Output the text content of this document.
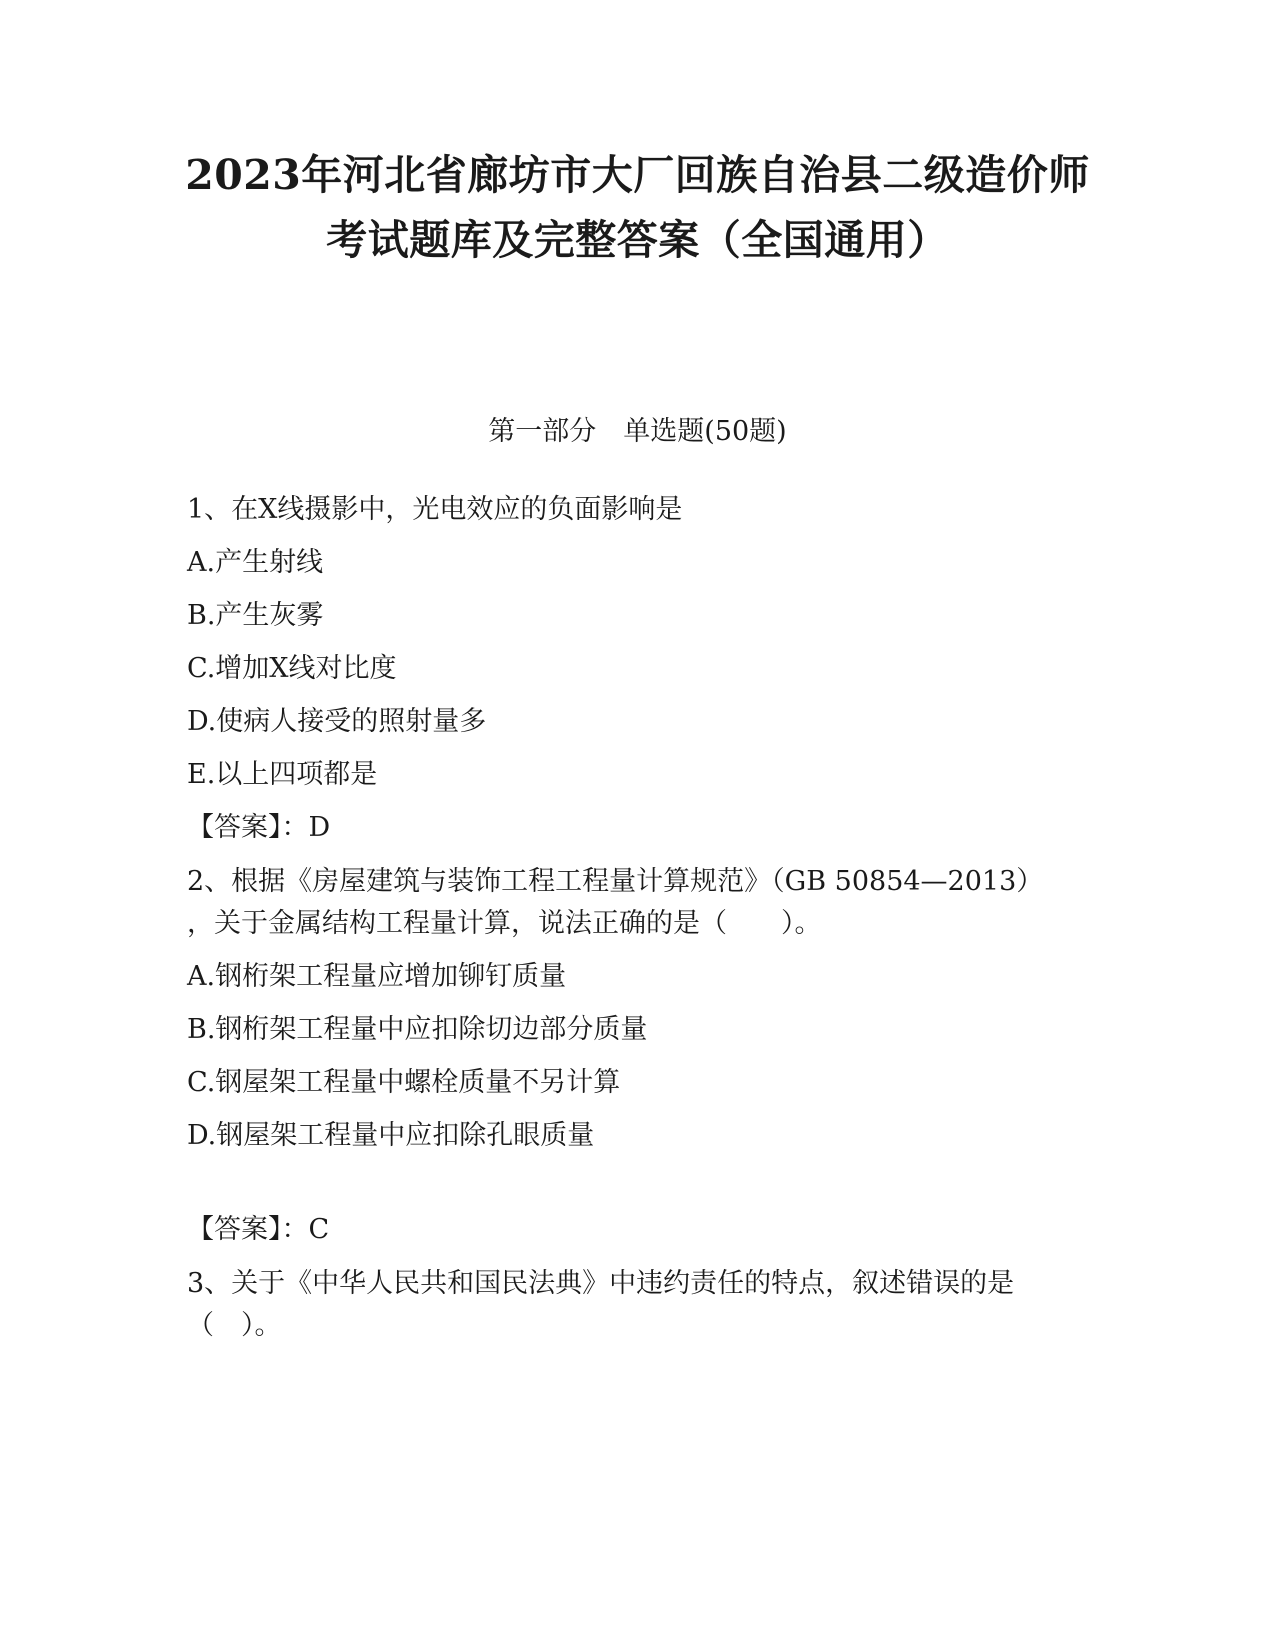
2023年河北省廊坊市大厂回族自治县二级造价师
考试题库及完整答案（全国通用）
第一部分　单选题(50题)
1、在X线摄影中，光电效应的负面影响是
A.产生射线
B.产生灰雾
C.增加X线对比度
D.使病人接受的照射量多
E.以上四项都是
【答案】：D
2、根据《房屋建筑与装饰工程工程量计算规范》（GB 50854—2013）
，关于金属结构工程量计算，说法正确的是（　　）。
A.钢桁架工程量应增加铆钉质量
B.钢桁架工程量中应扣除切边部分质量
C.钢屋架工程量中螺栓质量不另计算
D.钢屋架工程量中应扣除孔眼质量
【答案】：C
3、关于《中华人民共和国民法典》中违约责任的特点，叙述错误的是
（　）。
